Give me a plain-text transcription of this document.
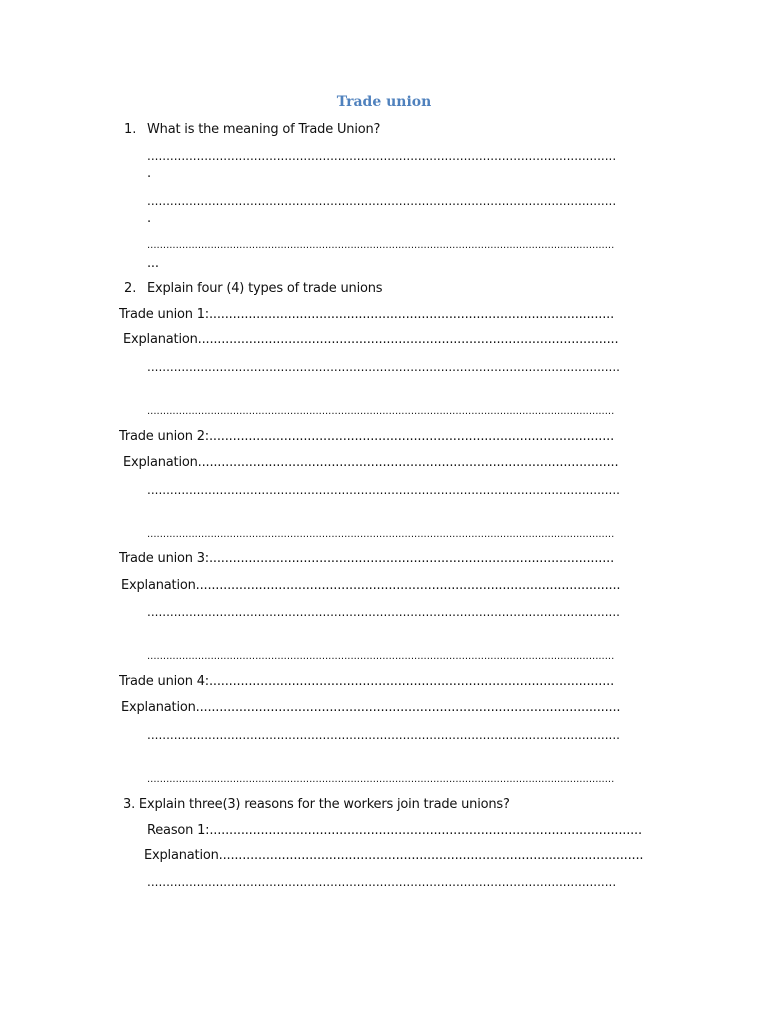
Trade union
1. What is the meaning of Trade Union?
...........................................................................................................................
.
...........................................................................................................................
.
...................................................................................................................................................
...
2. Explain four (4) types of trade unions
Trade union 1:.......................................................................................................
Explanation...........................................................................................................
............................................................................................................................
...................................................................................................................................................
Trade union 2:.......................................................................................................
Explanation...........................................................................................................
............................................................................................................................
...................................................................................................................................................
Trade union 3:.......................................................................................................
Explanation............................................................................................................
............................................................................................................................
...................................................................................................................................................
Trade union 4:.......................................................................................................
Explanation............................................................................................................
............................................................................................................................
...................................................................................................................................................
3. Explain three(3) reasons for the workers join trade unions?
Reason 1:..............................................................................................................
Explanation............................................................................................................
...........................................................................................................................
